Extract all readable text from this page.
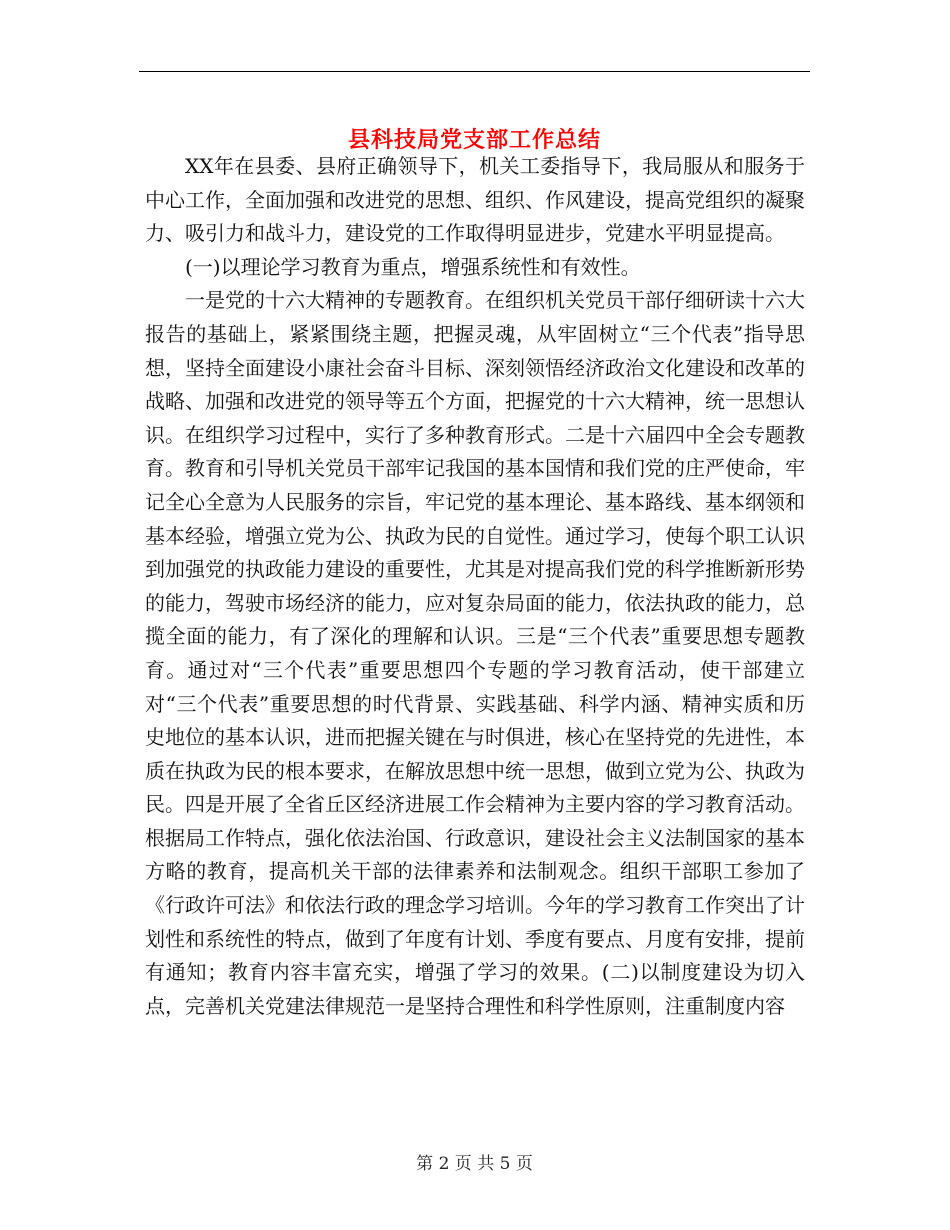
县科技局党支部工作总结

XX年在县委、县府正确领导下，机关工委指导下，我局服从和服务于中心工作，全面加强和改进党的思想、组织、作风建设，提高党组织的凝聚力、吸引力和战斗力，建设党的工作取得明显进步，党建水平明显提高。

(一)以理论学习教育为重点，增强系统性和有效性。

一是党的十六大精神的专题教育。在组织机关党员干部仔细研读十六大报告的基础上，紧紧围绕主题，把握灵魂，从牢固树立“三个代表”指导思想，坚持全面建设小康社会奋斗目标、深刻领悟经济政治文化建设和改革的战略、加强和改进党的领导等五个方面，把握党的十六大精神，统一思想认识。在组织学习过程中，实行了多种教育形式。二是十六届四中全会专题教育。教育和引导机关党员干部牢记我国的基本国情和我们党的庄严使命，牢记全心全意为人民服务的宗旨，牢记党的基本理论、基本路线、基本纲领和基本经验，增强立党为公、执政为民的自觉性。通过学习，使每个职工认识到加强党的执政能力建设的重要性，尤其是对提高我们党的科学推断新形势的能力，驾驶市场经济的能力，应对复杂局面的能力，依法执政的能力，总揽全面的能力，有了深化的理解和认识。三是“三个代表”重要思想专题教育。通过对“三个代表”重要思想四个专题的学习教育活动，使干部建立对“三个代表”重要思想的时代背景、实践基础、科学内涵、精神实质和历史地位的基本认识，进而把握关键在与时俱进，核心在坚持党的先进性，本质在执政为民的根本要求，在解放思想中统一思想，做到立党为公、执政为民。四是开展了全省丘区经济进展工作会精神为主要内容的学习教育活动。根据局工作特点，强化依法治国、行政意识，建设社会主义法制国家的基本方略的教育，提高机关干部的法律素养和法制观念。组织干部职工参加了《行政许可法》和依法行政的理念学习培训。今年的学习教育工作突出了计划性和系统性的特点，做到了年度有计划、季度有要点、月度有安排，提前有通知；教育内容丰富充实，增强了学习的效果。(二)以制度建设为切入点，完善机关党建法律规范一是坚持合理性和科学性原则，注重制度内容

第 2 页 共 5 页
